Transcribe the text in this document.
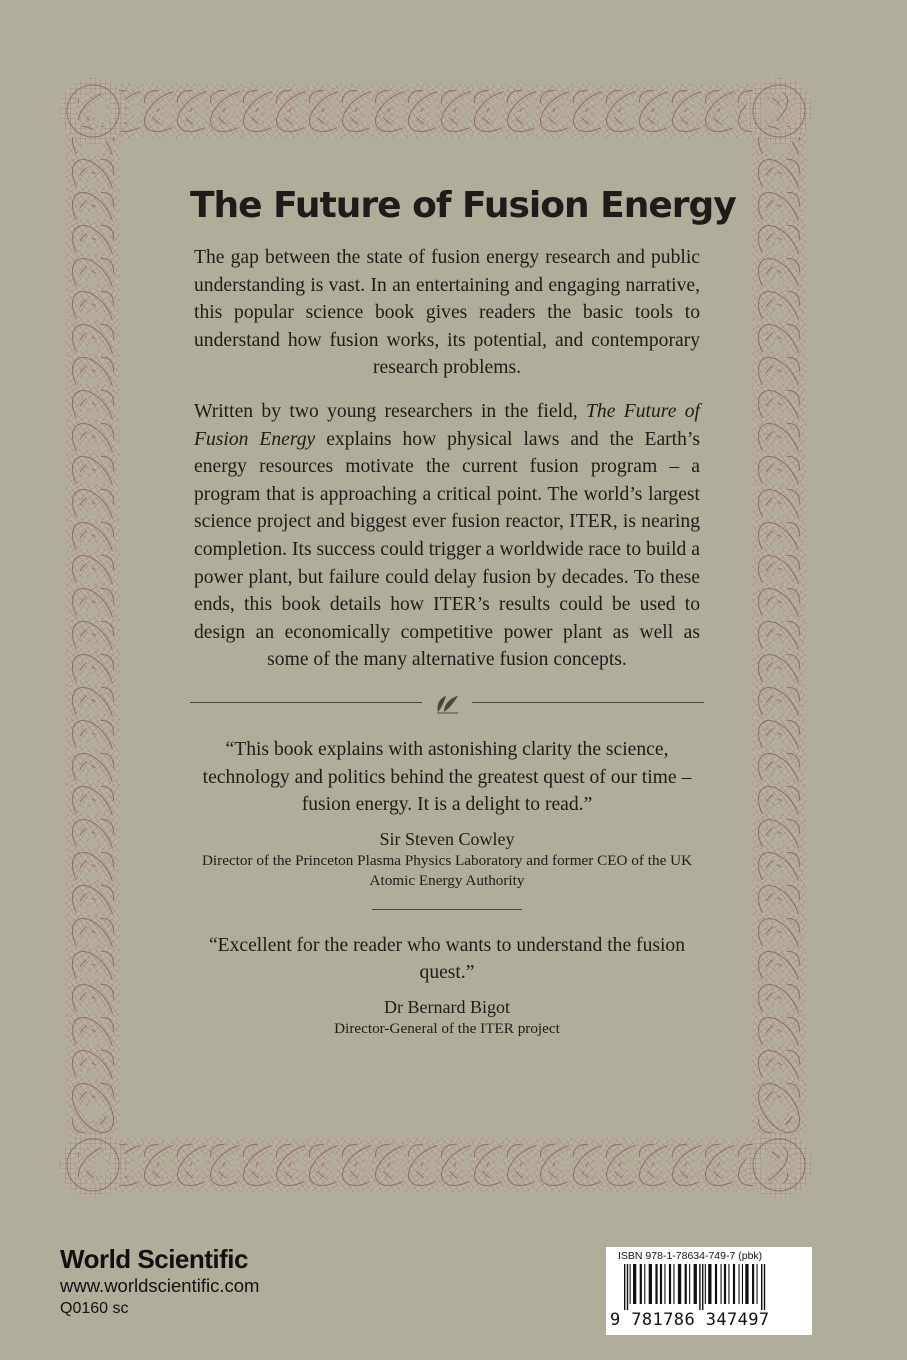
The Future of Fusion Energy

The gap between the state of fusion energy research and public understanding is vast. In an entertaining and engaging narrative, this popular science book gives readers the basic tools to understand how fusion works, its potential, and contemporary research problems.

Written by two young researchers in the field, The Future of Fusion Energy explains how physical laws and the Earth’s energy resources motivate the current fusion program – a program that is approaching a critical point. The world’s largest science project and biggest ever fusion reactor, ITER, is nearing completion. Its success could trigger a worldwide race to build a power plant, but failure could delay fusion by decades. To these ends, this book details how ITER’s results could be used to design an economically competitive power plant as well as some of the many alternative fusion concepts.

“This book explains with astonishing clarity the science, technology and politics behind the greatest quest of our time – fusion energy. It is a delight to read.”

Sir Steven Cowley

Director of the Princeton Plasma Physics Laboratory and former CEO of the UK Atomic Energy Authority

“Excellent for the reader who wants to understand the fusion quest.”

Dr Bernard Bigot

Director-General of the ITER project

World Scientific
www.worldscientific.com
Q0160 sc
ISBN 978-1-78634-749-7 (pbk)
9 781786 347497
